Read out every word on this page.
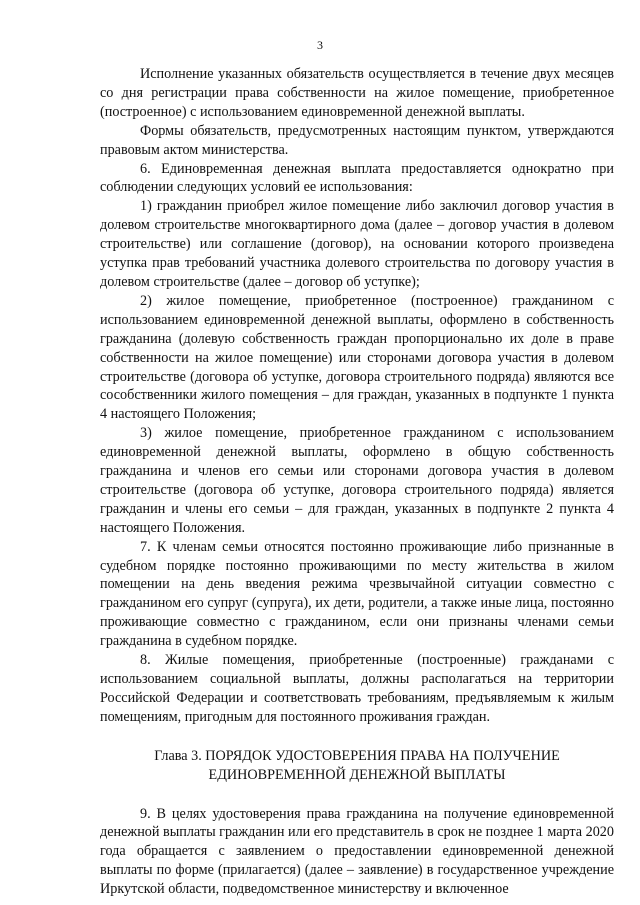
3

Исполнение указанных обязательств осуществляется в течение двух месяцев со дня регистрации права собственности на жилое помещение, приобретенное (построенное) с использованием единовременной денежной выплаты.

Формы обязательств, предусмотренных настоящим пунктом, утверждаются правовым актом министерства.

6. Единовременная денежная выплата предоставляется однократно при соблюдении следующих условий ее использования:

1) гражданин приобрел жилое помещение либо заключил договор участия в долевом строительстве многоквартирного дома (далее – договор участия в долевом строительстве) или соглашение (договор), на основании которого произведена уступка прав требований участника долевого строительства по договору участия в долевом строительстве (далее – договор об уступке);

2) жилое помещение, приобретенное (построенное) гражданином с использованием единовременной денежной выплаты, оформлено в собственность гражданина (долевую собственность граждан пропорционально их доле в праве собственности на жилое помещение) или сторонами договора участия в долевом строительстве (договора об уступке, договора строительного подряда) являются все сособственники жилого помещения – для граждан, указанных в подпункте 1 пункта 4 настоящего Положения;

3) жилое помещение, приобретенное гражданином с использованием единовременной денежной выплаты, оформлено в общую собственность гражданина и членов его семьи или сторонами договора участия в долевом строительстве (договора об уступке, договора строительного подряда) является гражданин и члены его семьи – для граждан, указанных в подпункте 2 пункта 4 настоящего Положения.

7. К членам семьи относятся постоянно проживающие либо признанные в судебном порядке постоянно проживающими по месту жительства в жилом помещении на день введения режима чрезвычайной ситуации совместно с гражданином его супруг (супруга), их дети, родители, а также иные лица, постоянно проживающие совместно с гражданином, если они признаны членами семьи гражданина в судебном порядке.

8. Жилые помещения, приобретенные (построенные) гражданами с использованием социальной выплаты, должны располагаться на территории Российской Федерации и соответствовать требованиям, предъявляемым к жилым помещениям, пригодным для постоянного проживания граждан.

Глава 3. ПОРЯДОК УДОСТОВЕРЕНИЯ ПРАВА НА ПОЛУЧЕНИЕ
ЕДИНОВРЕМЕННОЙ ДЕНЕЖНОЙ ВЫПЛАТЫ

9. В целях удостоверения права гражданина на получение единовременной денежной выплаты гражданин или его представитель в срок не позднее 1 марта 2020 года обращается с заявлением о предоставлении единовременной денежной выплаты по форме (прилагается) (далее – заявление) в государственное учреждение Иркутской области, подведомственное министерству и включенное
